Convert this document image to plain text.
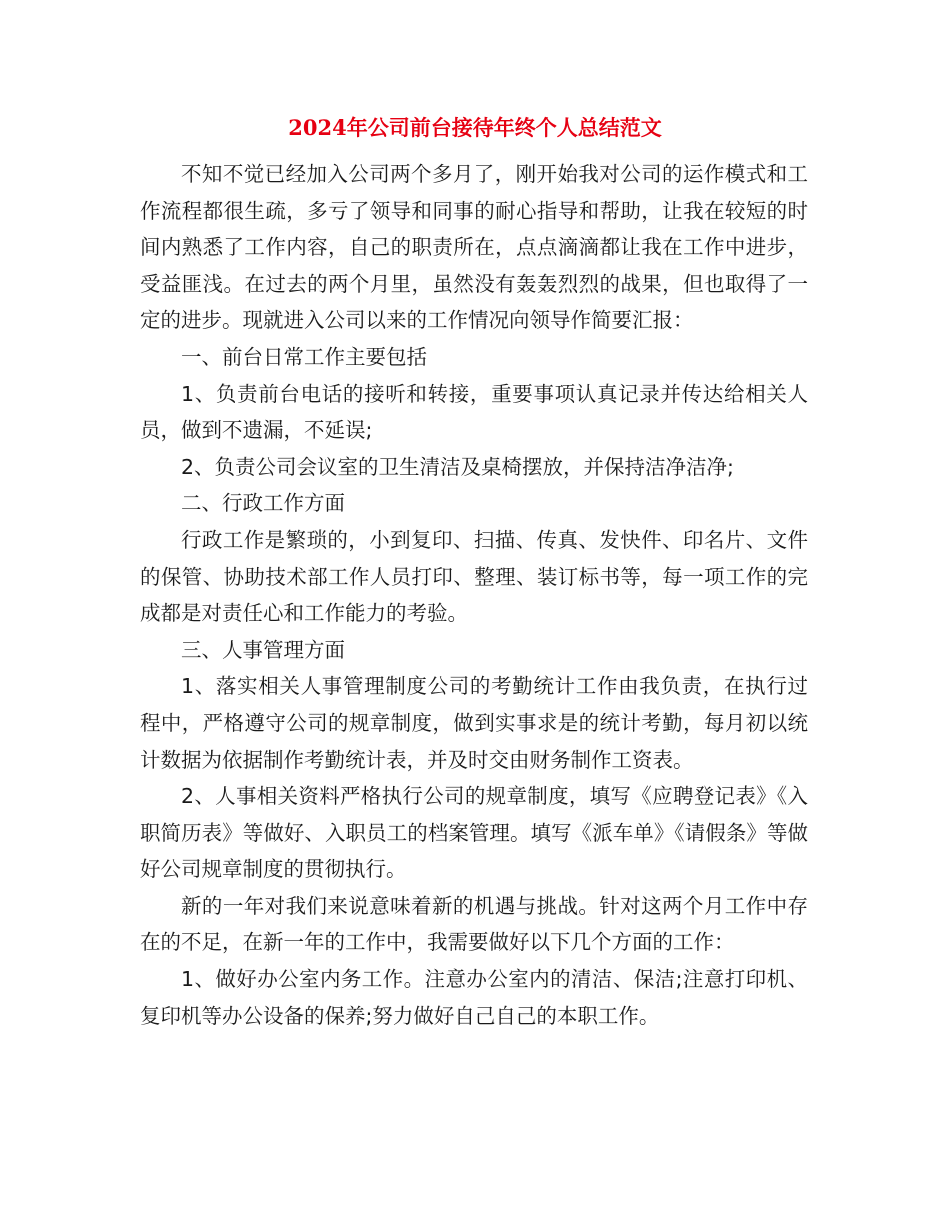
2024年公司前台接待年终个人总结范文

不知不觉已经加入公司两个多月了，刚开始我对公司的运作模式和工作流程都很生疏，多亏了领导和同事的耐心指导和帮助，让我在较短的时间内熟悉了工作内容，自己的职责所在，点点滴滴都让我在工作中进步，受益匪浅。在过去的两个月里，虽然没有轰轰烈烈的战果，但也取得了一定的进步。现就进入公司以来的工作情况向领导作简要汇报：

一、前台日常工作主要包括

1、负责前台电话的接听和转接，重要事项认真记录并传达给相关人员，做到不遗漏，不延误;

2、负责公司会议室的卫生清洁及桌椅摆放，并保持洁净洁净;

二、行政工作方面

行政工作是繁琐的，小到复印、扫描、传真、发快件、印名片、文件的保管、协助技术部工作人员打印、整理、装订标书等，每一项工作的完成都是对责任心和工作能力的考验。

三、人事管理方面

1、落实相关人事管理制度公司的考勤统计工作由我负责，在执行过程中，严格遵守公司的规章制度，做到实事求是的统计考勤，每月初以统计数据为依据制作考勤统计表，并及时交由财务制作工资表。

2、人事相关资料严格执行公司的规章制度，填写《应聘登记表》《入职简历表》等做好、入职员工的档案管理。填写《派车单》《请假条》等做好公司规章制度的贯彻执行。

新的一年对我们来说意味着新的机遇与挑战。针对这两个月工作中存在的不足，在新一年的工作中，我需要做好以下几个方面的工作：

1、做好办公室内务工作。注意办公室内的清洁、保洁;注意打印机、复印机等办公设备的保养;努力做好自己自己的本职工作。
